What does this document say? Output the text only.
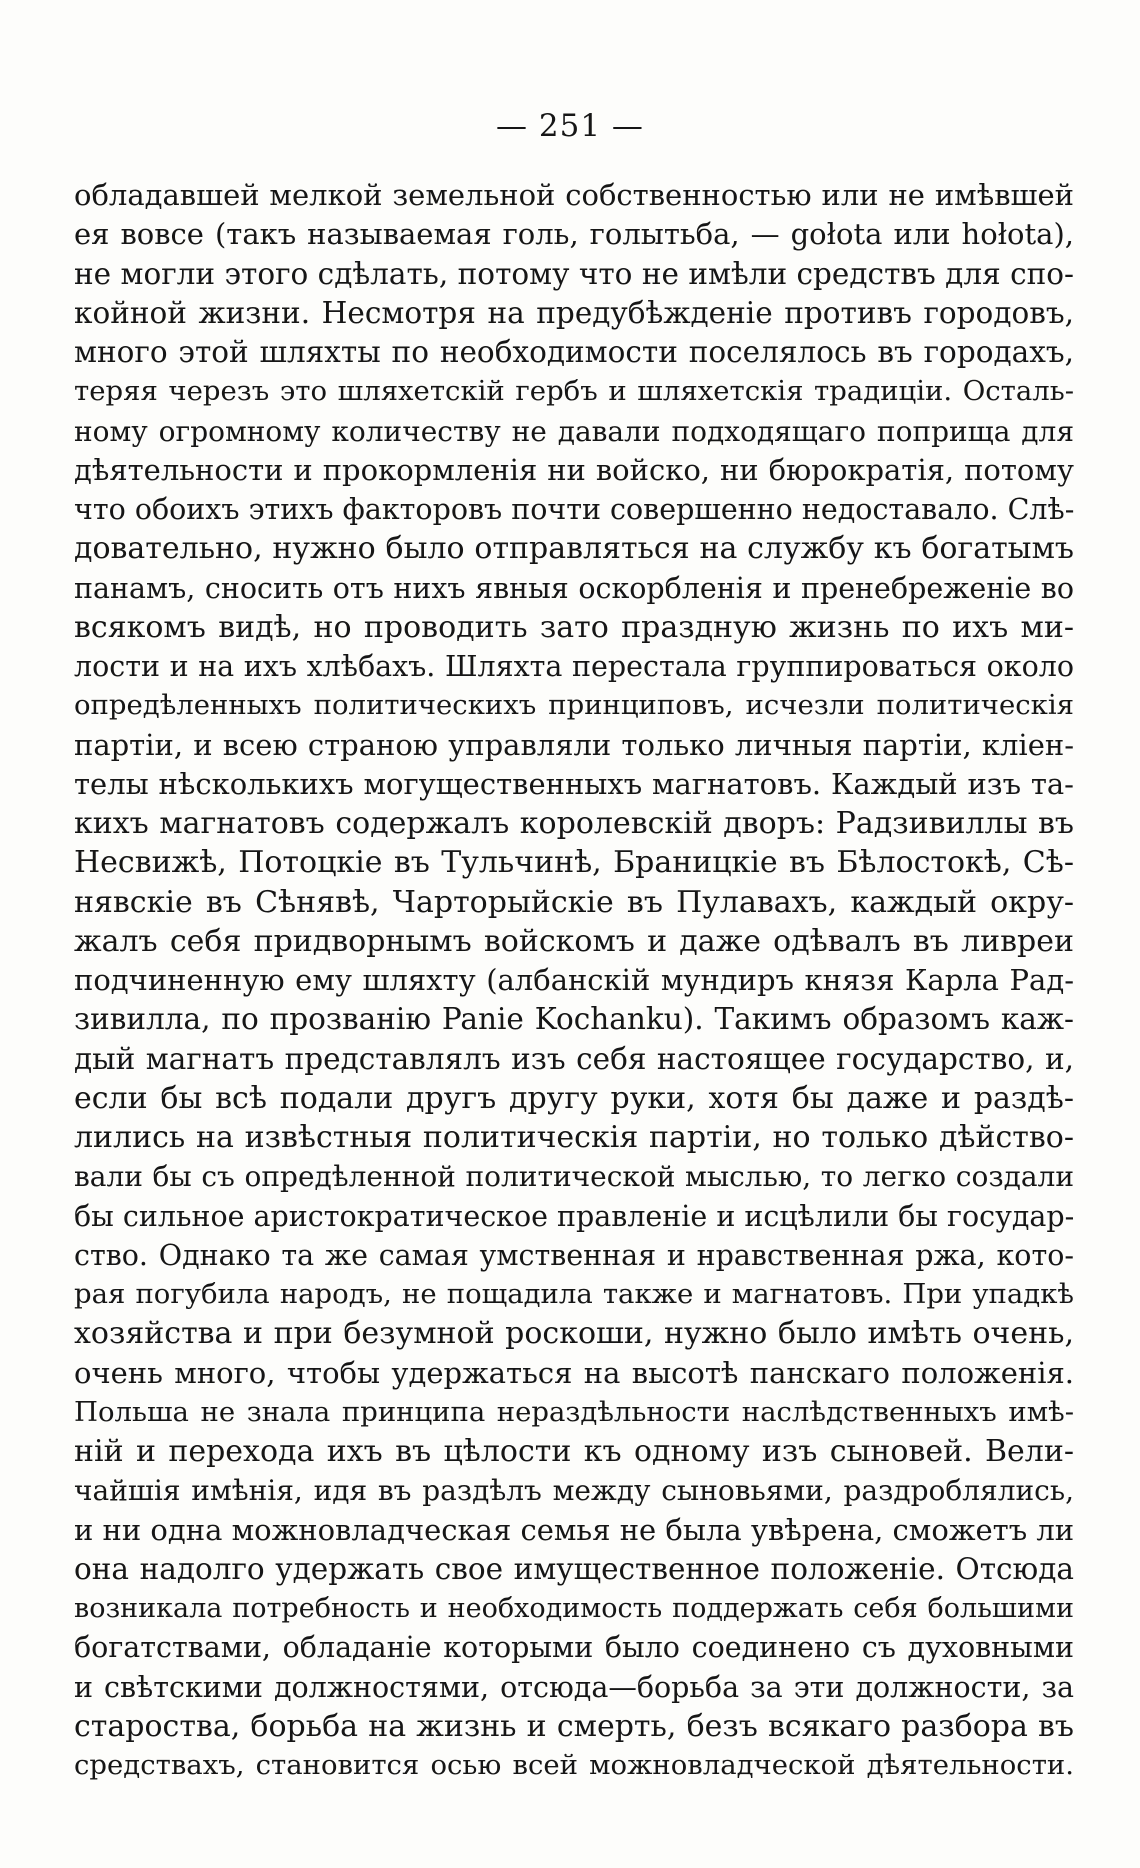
— 251 —
обладавшей мелкой земельной собственностью или не имѣвшей
ея вовсе (такъ называемая голь, голытьба, — gołota или hołota),
не могли этого сдѣлать, потому что не имѣли средствъ для спо-
койной жизни. Несмотря на предубѣжденіе противъ городовъ,
много этой шляхты по необходимости поселялось въ городахъ,
теряя черезъ это шляхетскій гербъ и шляхетскія традиціи. Осталь-
ному огромному количеству не давали подходящаго поприща для
дѣятельности и прокормленія ни войско, ни бюрократія, потому
что обоихъ этихъ факторовъ почти совершенно недоставало. Слѣ-
довательно, нужно было отправляться на службу къ богатымъ
панамъ, сносить отъ нихъ явныя оскорбленія и пренебреженіе во
всякомъ видѣ, но проводить зато праздную жизнь по ихъ ми-
лости и на ихъ хлѣбахъ. Шляхта перестала группироваться около
опредѣленныхъ политическихъ принциповъ, исчезли политическія
партіи, и всею страною управляли только личныя партіи, кліен-
телы нѣсколькихъ могущественныхъ магнатовъ. Каждый изъ та-
кихъ магнатовъ содержалъ королевскій дворъ: Радзивиллы въ
Несвижѣ, Потоцкіе въ Тульчинѣ, Браницкіе въ Бѣлостокѣ, Сѣ-
нявскіе въ Сѣнявѣ, Чарторыйскіе въ Пулавахъ, каждый окру-
жалъ себя придворнымъ войскомъ и даже одѣвалъ въ ливреи
подчиненную ему шляхту (албанскій мундиръ князя Карла Рад-
зивилла, по прозванію Panie Kochanku). Такимъ образомъ каж-
дый магнатъ представлялъ изъ себя настоящее государство, и,
если бы всѣ подали другъ другу руки, хотя бы даже и раздѣ-
лились на извѣстныя политическія партіи, но только дѣйство-
вали бы съ опредѣленной политической мыслью, то легко создали
бы сильное аристократическое правленіе и исцѣлили бы государ-
ство. Однако та же самая умственная и нравственная ржа, кото-
рая погубила народъ, не пощадила также и магнатовъ. При упадкѣ
хозяйства и при безумной роскоши, нужно было имѣть очень,
очень много, чтобы удержаться на высотѣ панскаго положенія.
Польша не знала принципа нераздѣльности наслѣдственныхъ имѣ-
ній и перехода ихъ въ цѣлости къ одному изъ сыновей. Вели-
чайшія имѣнія, идя въ раздѣлъ между сыновьями, раздроблялись,
и ни одна можновладческая семья не была увѣрена, сможетъ ли
она надолго удержать свое имущественное положеніе. Отсюда
возникала потребность и необходимость поддержать себя большими
богатствами, обладаніе которыми было соединено съ духовными
и свѣтскими должностями, отсюда—борьба за эти должности, за
староства, борьба на жизнь и смерть, безъ всякаго разбора въ
средствахъ, становится осью всей можновладческой дѣятельности.
